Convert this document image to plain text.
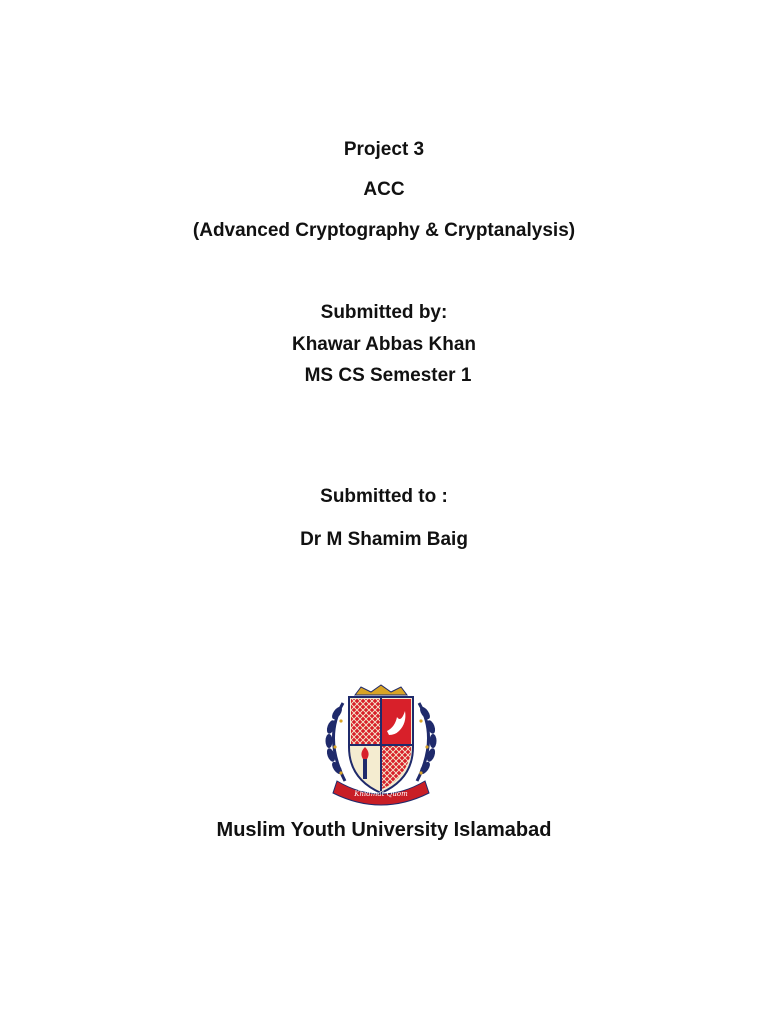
Project 3
ACC
(Advanced Cryptography & Cryptanalysis)
Submitted by:
Khawar Abbas Khan
MS CS Semester 1
Submitted to :
Dr M Shamim Baig
Khidmat Quom
Muslim Youth University Islamabad
